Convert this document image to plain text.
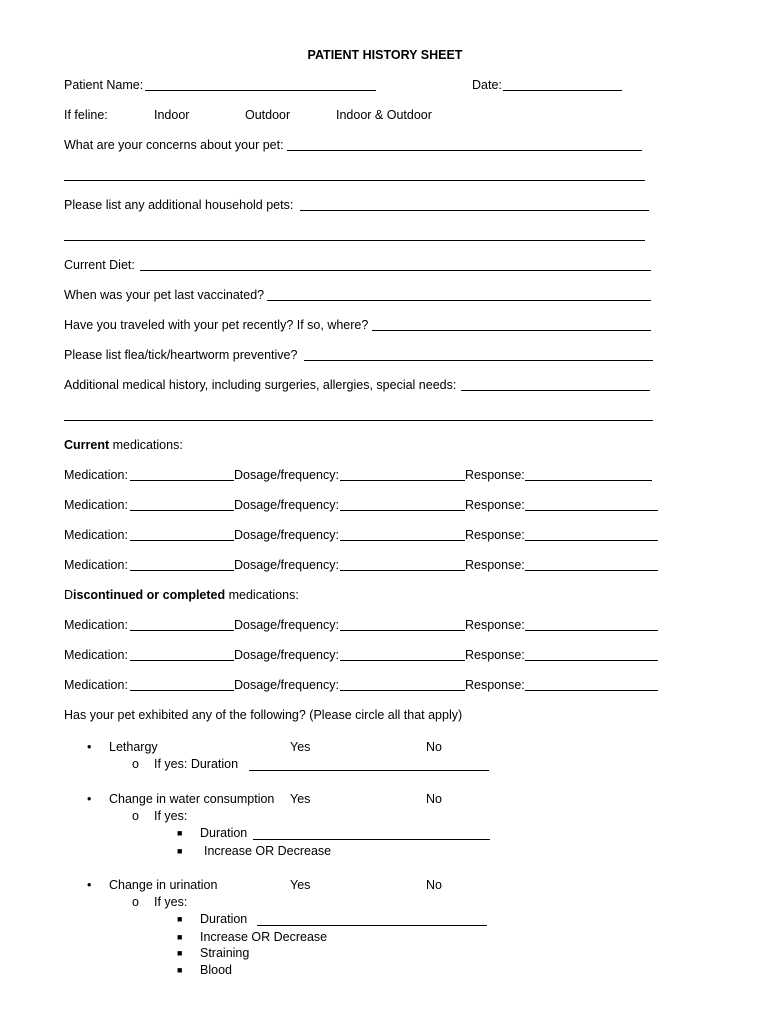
PATIENT HISTORY SHEET
Patient Name:	Date:
If feline:	Indoor	Outdoor	Indoor & Outdoor
What are your concerns about your pet:
Please list any additional household pets:
Current Diet:
When was your pet last vaccinated?
Have you traveled with your pet recently? If so, where?
Please list flea/tick/heartworm preventive?
Additional medical history, including surgeries, allergies, special needs:
Current medications:
Medication:	Dosage/frequency:	Response:
Medication:	Dosage/frequency:	Response:
Medication:	Dosage/frequency:	Response:
Medication:	Dosage/frequency:	Response:
Discontinued or completed medications:
Medication:	Dosage/frequency:	Response:
Medication:	Dosage/frequency:	Response:
Medication:	Dosage/frequency:	Response:
Has your pet exhibited any of the following? (Please circle all that apply)
• Lethargy	Yes	No
o If yes: Duration
• Change in water consumption Yes	No
o If yes:
■ Duration
■ Increase OR Decrease
• Change in urination	Yes	No
o If yes:
■ Duration
■ Increase OR Decrease
■ Straining
■ Blood
